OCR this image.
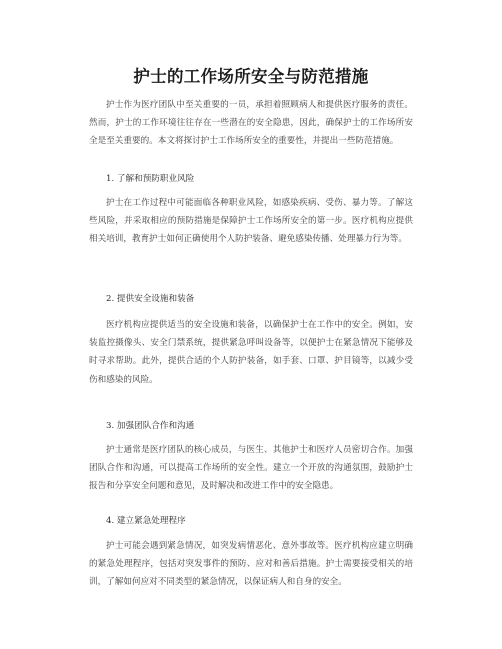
护士的工作场所安全与防范措施

护士作为医疗团队中至关重要的一员，承担着照顾病人和提供医疗服务的责任。然而，护士的工作环境往往存在一些潜在的安全隐患，因此，确保护士的工作场所安全是至关重要的。本文将探讨护士工作场所安全的重要性，并提出一些防范措施。

1. 了解和预防职业风险

护士在工作过程中可能面临各种职业风险，如感染疾病、受伤、暴力等。了解这些风险，并采取相应的预防措施是保障护士工作场所安全的第一步。医疗机构应提供相关培训，教育护士如何正确使用个人防护装备、避免感染传播、处理暴力行为等。

2. 提供安全设施和装备

医疗机构应提供适当的安全设施和装备，以确保护士在工作中的安全。例如，安装监控摄像头、安全门禁系统，提供紧急呼叫设备等，以便护士在紧急情况下能够及时寻求帮助。此外，提供合适的个人防护装备，如手套、口罩、护目镜等，以减少受伤和感染的风险。

3. 加强团队合作和沟通

护士通常是医疗团队的核心成员，与医生、其他护士和医疗人员密切合作。加强团队合作和沟通，可以提高工作场所的安全性。建立一个开放的沟通氛围，鼓励护士报告和分享安全问题和意见，及时解决和改进工作中的安全隐患。

4. 建立紧急处理程序

护士可能会遇到紧急情况，如突发病情恶化、意外事故等。医疗机构应建立明确的紧急处理程序，包括对突发事件的预防、应对和善后措施。护士需要接受相关的培训，了解如何应对不同类型的紧急情况，以保证病人和自身的安全。
